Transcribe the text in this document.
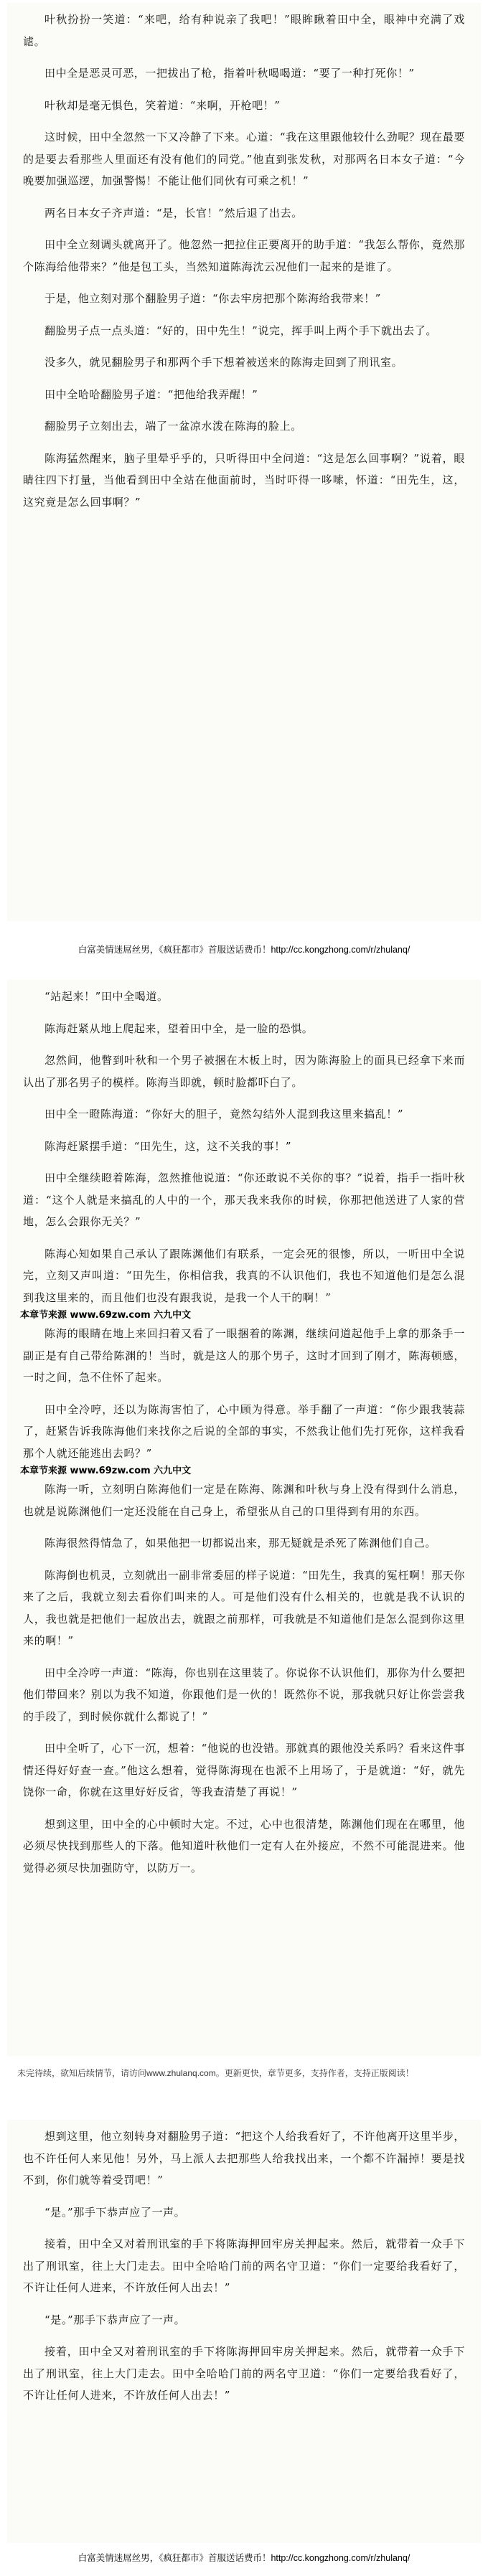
叶秋扮扮一笑道：“来吧，给有种说亲了我吧！”眼眸瞅着田中全，眼神中充满了戏谑。

田中全是恶灵可恶，一把拔出了枪，指着叶秋喝喝道：“要了一种打死你！”

叶秋却是毫无惧色，笑着道：“来啊，开枪吧！”

这时候，田中全忽然一下又冷静了下来。心道：“我在这里跟他较什么劲呢？现在最要的是要去看那些人里面还有没有他们的同党。”他直到张发秋，对那两名日本女子道：“今晚要加强巡逻，加强警惕！不能让他们同伙有可乘之机！”

两名日本女子齐声道：“是，长官！”然后退了出去。

田中全立刻调头就离开了。他忽然一把拉住正要离开的助手道：“我怎么帮你，竟然那个陈海给他带来？”他是包工头，当然知道陈海沈云况他们一起来的是谁了。

于是，他立刻对那个翻脸男子道：“你去牢房把那个陈海给我带来！”

翻脸男子点一点头道：“好的，田中先生！”说完，挥手叫上两个手下就出去了。

没多久，就见翻脸男子和那两个手下想着被送来的陈海走回到了刑讯室。

田中全哈哈翻脸男子道：“把他给我弄醒！”

翻脸男子立刻出去，端了一盆凉水泼在陈海的脸上。

陈海猛然醒来，脑子里晕乎乎的，只听得田中全问道：“这是怎么回事啊？”说着，眼睛往四下打量，当他看到田中全站在他面前时，当时吓得一哆嗦，怀道：“田先生，这，这究竟是怎么回事啊？”

白富美情迷屌丝男，《疯狂都市》首服送话费币！http://cc.kongzhong.com/r/zhulanq/

“站起来！”田中全喝道。

陈海赶紧从地上爬起来，望着田中全，是一脸的恐惧。

忽然间，他瞥到叶秋和一个男子被捆在木板上时，因为陈海脸上的面具已经拿下来而认出了那名男子的模样。陈海当即就，顿时脸都吓白了。

田中全一瞪陈海道：“你好大的胆子，竟然勾结外人混到我这里来搞乱！”

陈海赶紧摆手道：“田先生，这，这不关我的事！”

田中全继续瞪着陈海，忽然推他说道：“你还敢说不关你的事？”说着，指手一指叶秋道：“这个人就是来搞乱的人中的一个，那天我来我你的时候，你那把他送进了人家的营地，怎么会跟你无关？”

陈海心知如果自己承认了跟陈渊他们有联系，一定会死的很惨，所以，一听田中全说完，立刻又声叫道：“田先生，你相信我，我真的不认识他们，我也不知道他们是怎么混到我这里来的，而且他们也没有跟我说，是我一个人干的啊！”

本章节来源 www.69zw.com 六九中文

陈海的眼睛在地上来回扫着又看了一眼捆着的陈渊，继续问道起他手上拿的那条手一副正是有自己带给陈渊的！当时，就是这人的那个男子，这时才回到了刚才，陈海顿感，一时之间，急不住怀了起来。

田中全冷哼，还以为陈海害怕了，心中顾为得意。举手翻了一声道：“你少跟我装蒜了，赶紧告诉我陈海他们来找你之后说的全部的事实，不然我让他们先打死你，这样我看那个人就还能逃出去吗？”

本章节来源 www.69zw.com 六九中文

陈海一听，立刻明白陈海他们一定是在陈海、陈渊和叶秋与身上没有得到什么消息，也就是说陈渊他们一定还没能在自己身上，希望张从自己的口里得到有用的东西。

陈海很然得情急了，如果他把一切都说出来，那无疑就是杀死了陈渊他们自己。

陈海倒也机灵，立刻就出一副非常委屈的样子说道：“田先生，我真的冤枉啊！那天你来了之后，我就立刻去看你们叫来的人。可是他们没有什么相关的，也就是我不认识的人，我也就是把他们一起放出去，就跟之前那样，可我就是不知道他们是怎么混到你这里来的啊！”

田中全冷哼一声道：“陈海，你也别在这里装了。你说你不认识他们，那你为什么要把他们带回来？别以为我不知道，你跟他们是一伙的！既然你不说，那我就只好让你尝尝我的手段了，到时候你就什么都说了！”

田中全听了，心下一沉，想着：“他说的也没错。那就真的跟他没关系吗？看来这件事情还得好好查一查。”他这么想着，觉得陈海现在也派不上用场了，于是就道：“好，就先饶你一命，你就在这里好好反省，等我查清楚了再说！”

想到这里，田中全的心中顿时大定。不过，心中也很清楚，陈渊他们现在在哪里，他必须尽快找到那些人的下落。他知道叶秋他们一定有人在外接应，不然不可能混进来。他觉得必须尽快加强防守，以防万一。

未完待续，欲知后续情节，请访问www.zhulanq.com。更新更快，章节更多，支持作者，支持正版阅读！

想到这里，他立刻转身对翻脸男子道：“把这个人给我看好了，不许他离开这里半步，也不许任何人来见他！另外，马上派人去把那些人给我找出来，一个都不许漏掉！要是找不到，你们就等着受罚吧！”

“是。”那手下恭声应了一声。

接着，田中全又对着刑讯室的手下将陈海押回牢房关押起来。然后，就带着一众手下出了刑讯室，往上大门走去。田中全哈哈门前的两名守卫道：“你们一定要给我看好了，不许让任何人进来，不许放任何人出去！”

“是。”那手下恭声应了一声。

接着，田中全又对着刑讯室的手下将陈海押回牢房关押起来。然后，就带着一众手下出了刑讯室，往上大门走去。田中全哈哈门前的两名守卫道：“你们一定要给我看好了，不许让任何人进来，不许放任何人出去！”

白富美情迷屌丝男，《疯狂都市》首服送话费币！http://cc.kongzhong.com/r/zhulanq/
